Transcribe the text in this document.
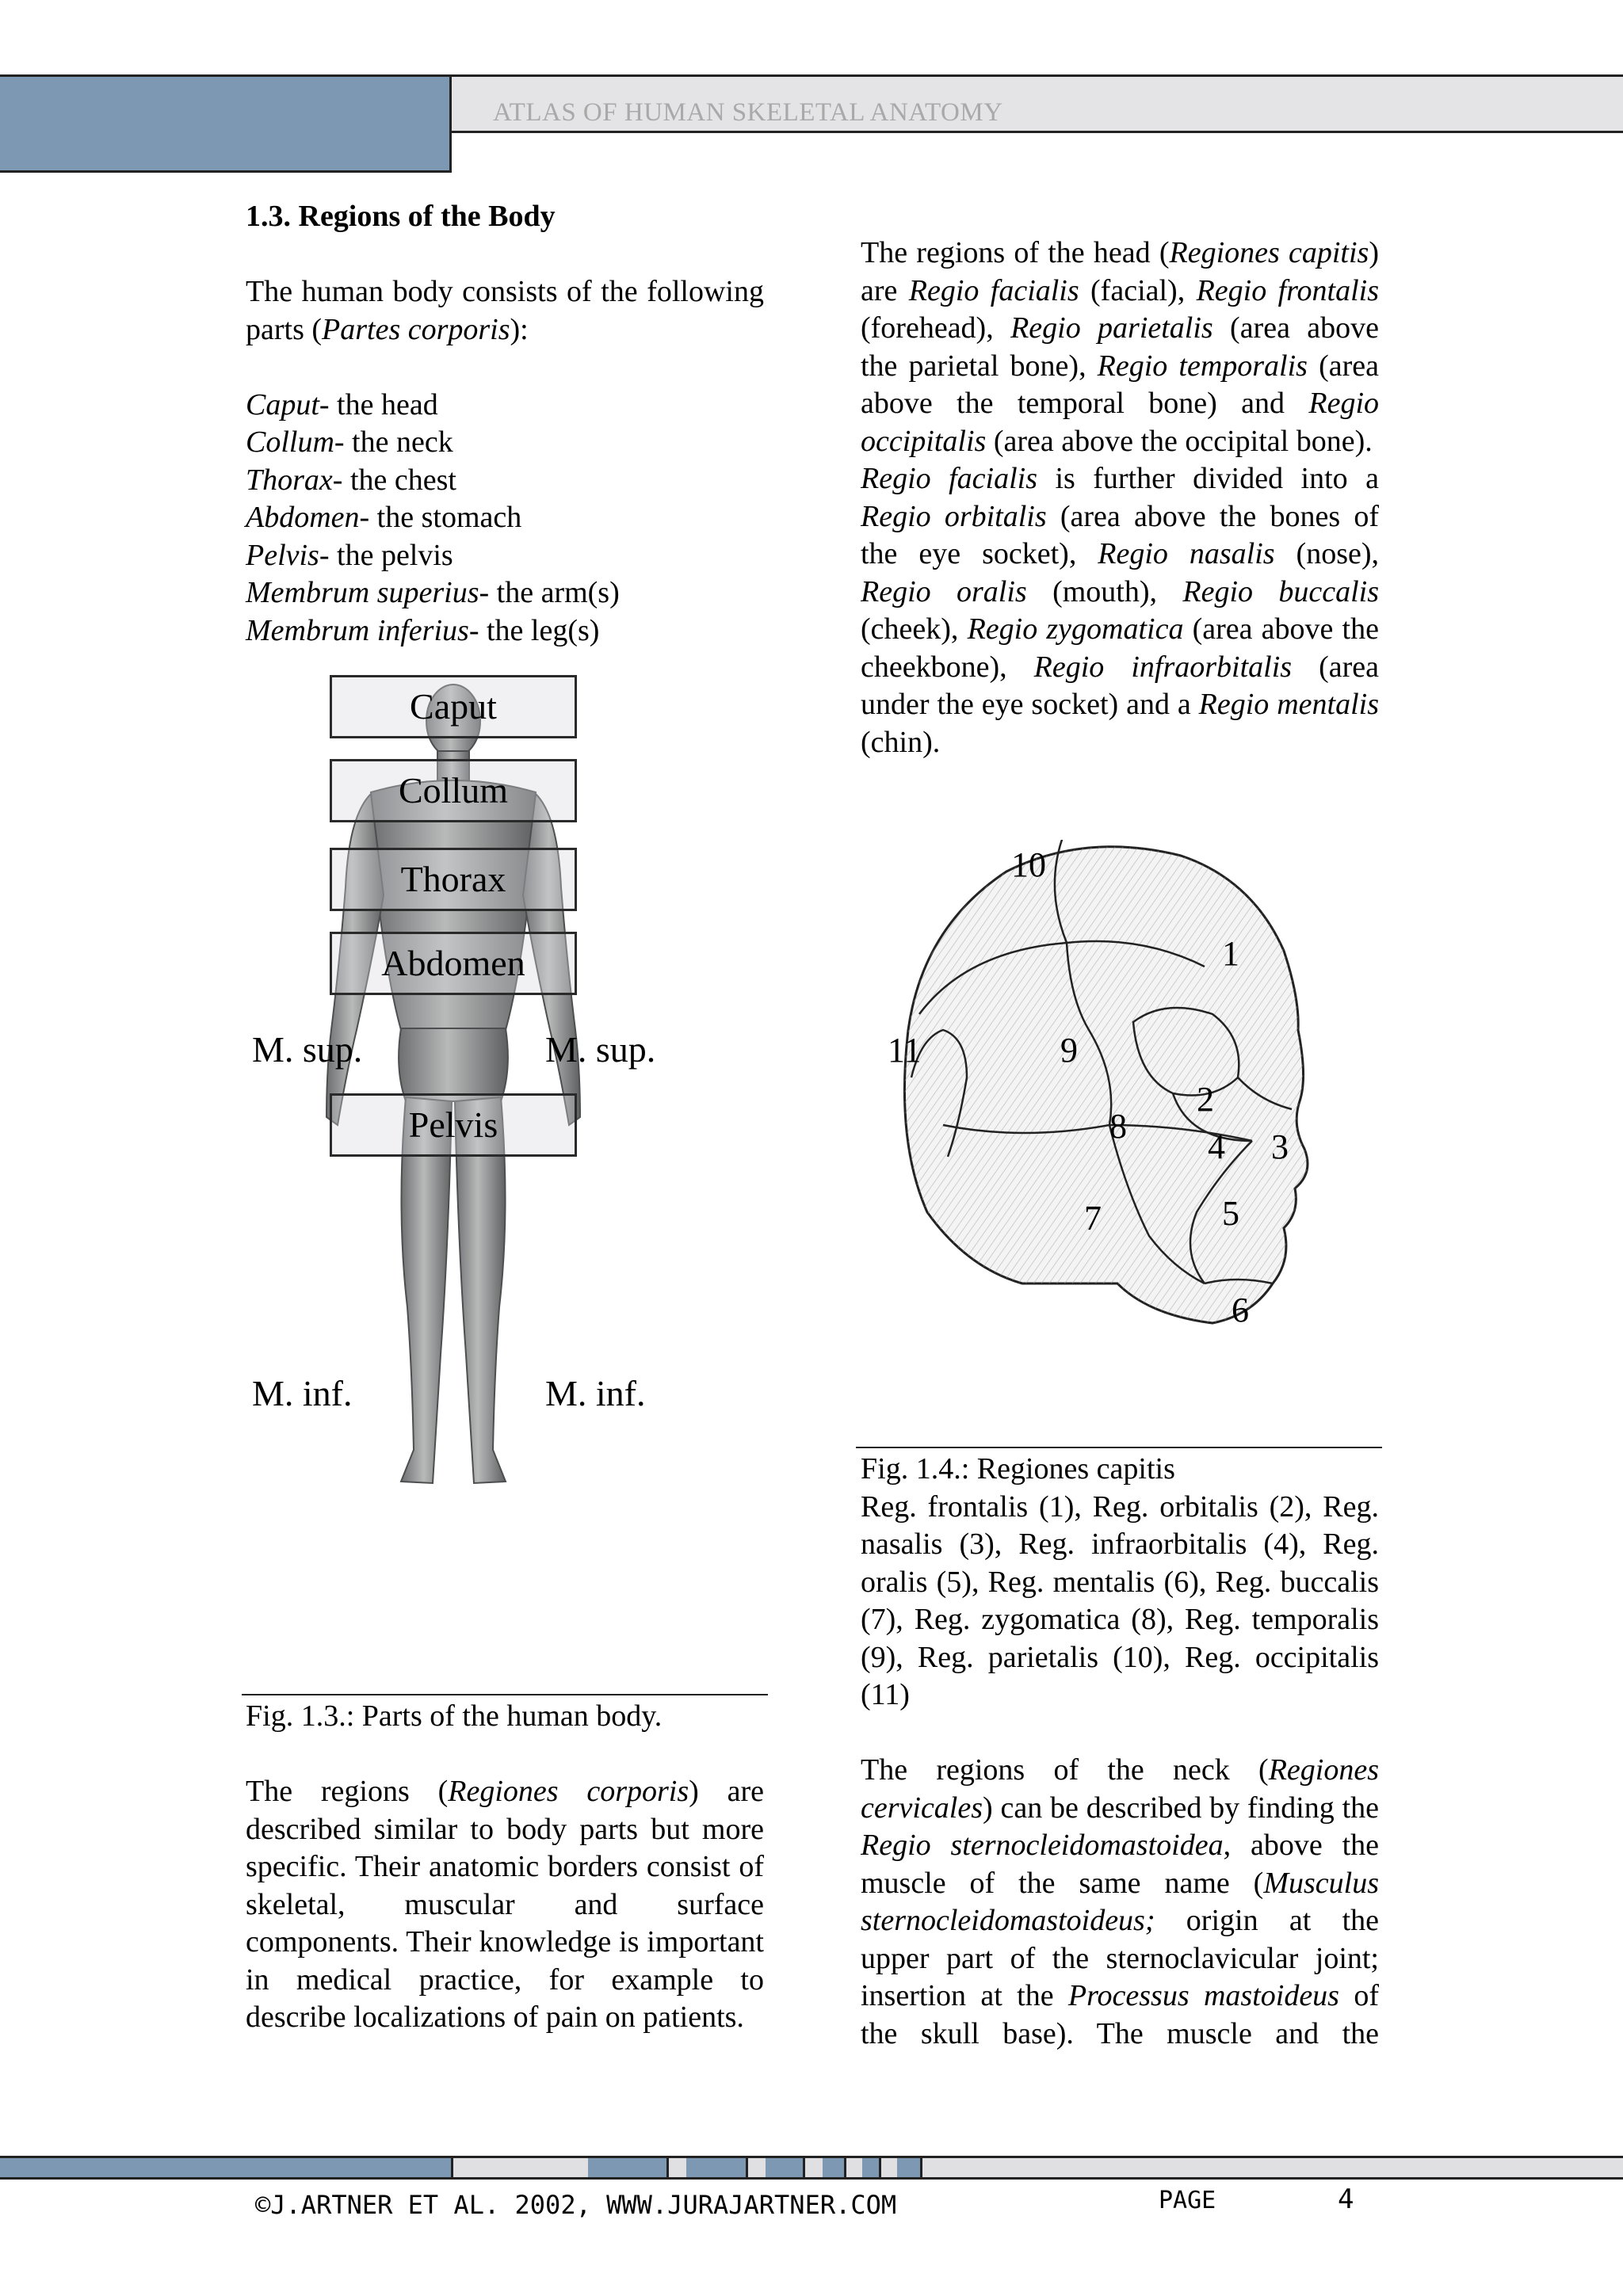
ATLAS OF HUMAN SKELETAL ANATOMY

1.3. Regions of the Body

The human body consists of the following parts (Partes corporis):

Caput- the head

Collum- the neck

Thorax- the chest

Abdomen- the stomach

Pelvis- the pelvis

Membrum superius- the arm(s)

Membrum inferius- the leg(s)

Caput
Collum
Thorax
Abdomen
Pelvis
M. sup.	M. sup.
M. inf.	M. inf.

Fig. 1.3.: Parts of the human body.

The regions (Regiones corporis) are described similar to body parts but more specific. Their anatomic borders consist of skeletal, muscular and surface components. Their knowledge is important in medical practice, for example to describe localizations of pain on patients.

The regions of the head (Regiones capitis) are Regio facialis (facial), Regio frontalis (forehead), Regio parietalis (area above the parietal bone), Regio temporalis (area above the temporal bone) and Regio occipitalis (area above the occipital bone).

Regio facialis is further divided into a Regio orbitalis (area above the bones of the eye socket), Regio nasalis (nose), Regio oralis (mouth), Regio buccalis (cheek), Regio zygomatica (area above the cheekbone), Regio infraorbitalis (area under the eye socket) and a Regio mentalis (chin).

10
1
11	9
2
8
4 3
5
7
6

Fig. 1.4.: Regiones capitis

Reg. frontalis (1), Reg. orbitalis (2), Reg. nasalis (3), Reg. infraorbitalis (4), Reg. oralis (5), Reg. mentalis (6), Reg. buccalis (7), Reg. zygomatica (8), Reg. temporalis (9), Reg. parietalis (10), Reg. occipitalis (11)

The regions of the neck (Regiones cervicales) can be described by finding the Regio sternocleidomastoidea, above the muscle of the same name (Musculus sternocleidomastoideus; origin at the upper part of the sternoclavicular joint; insertion at the Processus mastoideus of the skull base). The muscle and the

©J.ARTNER ET AL. 2002, WWW.JURAJARTNER.COM	PAGE	4
